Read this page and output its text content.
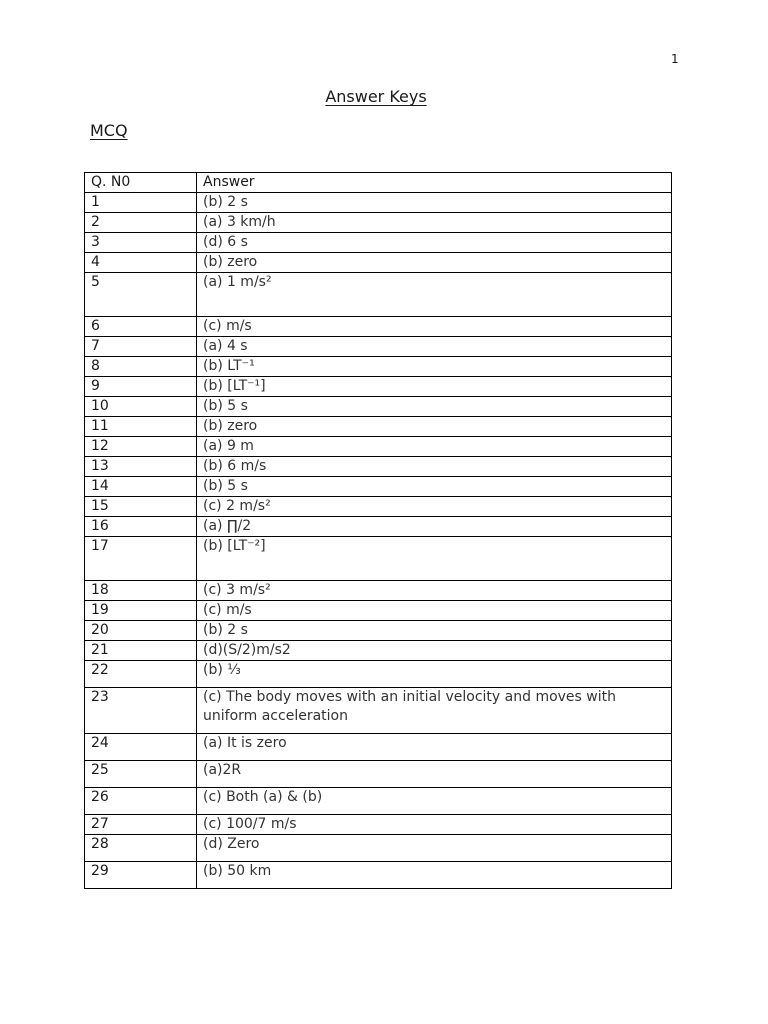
1
Answer Keys
MCQ
Q. N0	Answer
1	(b) 2 s
2	(a) 3 km/h
3	(d) 6 s
4	(b) zero
5	(a) 1 m/s²
6	(c) m/s
7	(a) 4 s
8	(b) LT⁻¹
9	(b) [LT⁻¹]
10	(b) 5 s
11	(b) zero
12	(a) 9 m
13	(b) 6 m/s
14	(b) 5 s
15	(c) 2 m/s²
16	(a) ∏/2
17	(b) [LT⁻²]
18	(c) 3 m/s²
19	(c) m/s
20	(b) 2 s
21	(d)(S/2)m/s2
22	(b) ⅓
23	(c) The body moves with an initial velocity and moves with uniform acceleration
24	(a) It is zero
25	(a)2R
26	(c) Both (a) & (b)
27	(c) 100/7 m/s
28	(d) Zero
29	(b) 50 km
